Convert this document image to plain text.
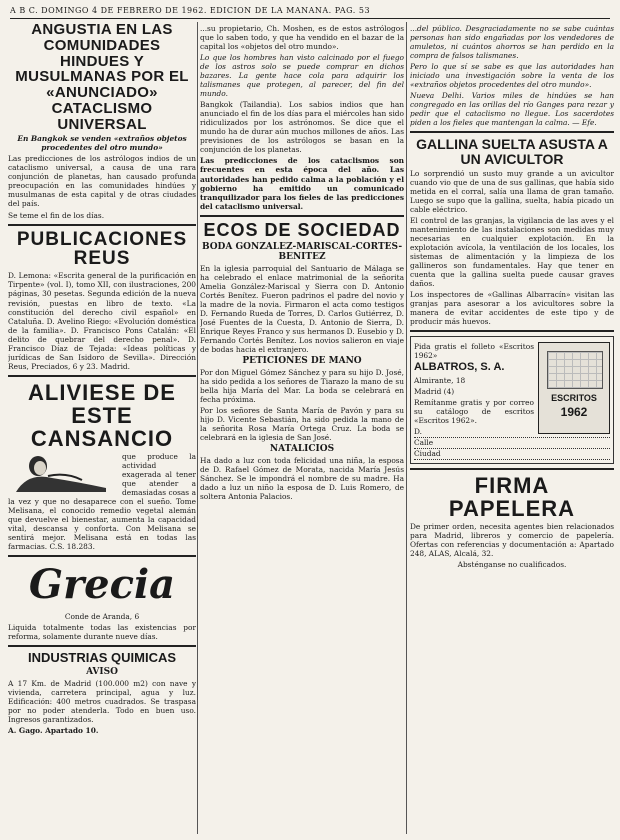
A B C. DOMINGO 4 DE FEBRERO DE 1962. EDICION DE LA MAÑANA. PAG. 53
ANGUSTIA EN LAS COMUNIDADES HINDUES Y MUSULMANAS POR EL «ANUNCIADO» CATACLISMO UNIVERSAL
En Bangkok se venden «extraños objetos procedentes del otro mundo»
Las predicciones de los astrólogos indios de un cataclismo universal, a causa de una rara conjunción de planetas, han causado profunda preocupación en las comunidades hindúes y musulmanas de esta capital y de otras ciudades del país.
Se teme el fin de los días.
PUBLICACIONES REUS
D. Lemona: «Escrita general de la purificación en Tirpente» (vol. I), tomo XII, con ilustraciones, 200 páginas, 30 pesetas. Segunda edición de la nueva revisión, puestas en libro de texto. «La constitución del derecho civil español» en Cataluña. D. Avelino Riego: «Evolución doméstica de la familia». D. Francisco Pons Catalán: «El delito de quebrar del derecho penal». D. Francisco Díaz de Tejada: «Ideas políticas y jurídicas de San Isidoro de Sevilla». Dirección Reus, Preciados, 6 y 23. Madrid.
ALIVIESE DE ESTE CANSANCIO
que produce la actividad exagerada al tener que atender a demasiadas cosas a la vez y que no desaparece con el sueño. Tome Melisana, el conocido remedio vegetal alemán que devuelve el bienestar, aumenta la capacidad vital, descansa y conforta. Con Melisana se sentirá mejor. Melisana está en todas las farmacias. C.S. 18.283.
Grecia
Conde de Aranda, 6
Liquida totalmente todas las existencias por reforma, solamente durante nueve días.
INDUSTRIAS QUIMICAS
AVISO
A 17 Km. de Madrid (100.000 m2) con nave y vivienda, carretera principal, agua y luz. Edificación: 400 metros cuadrados. Se traspasa por no poder atenderla. Todo en buen uso. Ingresos garantizados.
A. Gago. Apartado 10.
...su propietario, Ch. Moshen, es de estos astrólogos que lo saben todo, y que ha vendido en el bazar de la capital los «objetos del otro mundo».
Lo que los hombres han visto calcinado por el fuego de los astros solo se puede comprar en dichos bazares. La gente hace cola para adquirir los talismanes que protegen, al parecer, del fin del mundo.
Bangkok (Tailandia). Los sabios indios que han anunciado el fin de los días para el miércoles han sido ridiculizados por los astrónomos. Se dice que el mundo ha de durar aún muchos millones de años. Las previsiones de los astrólogos se basan en la conjunción de los planetas.
Las predicciones de los cataclismos son frecuentes en esta época del año. Las autoridades han pedido calma a la población y el gobierno ha emitido un comunicado tranquilizador para los fieles de las predicciones del cataclismo universal.
ECOS DE SOCIEDAD
BODA GONZALEZ-MARISCAL-CORTES-BENITEZ
En la iglesia parroquial del Santuario de Málaga se ha celebrado el enlace matrimonial de la señorita Amelia González-Mariscal y Sierra con D. Antonio Cortés Benítez. Fueron padrinos el padre del novio y la madre de la novia. Firmaron el acta como testigos D. Fernando Rueda de Torres, D. Carlos Gutiérrez, D. José Fuentes de la Cuesta, D. Antonio de Sierra, D. Enrique Reyes Franco y sus hermanos D. Eusebio y D. Fernando Cortés Benítez. Los novios salieron en viaje de bodas hacia el extranjero.
PETICIONES DE MANO
Por don Miguel Gómez Sánchez y para su hijo D. José, ha sido pedida a los señores de Tiarazo la mano de su bella hija María del Mar. La boda se celebrará en fecha próxima.
Por los señores de Santa María de Pavón y para su hijo D. Vicente Sebastián, ha sido pedida la mano de la señorita Rosa María Ortega Cruz. La boda se celebrará en la iglesia de San José.
NATALICIOS
Ha dado a luz con toda felicidad una niña, la esposa de D. Rafael Gómez de Morata, nacida María Jesús Sánchez. Se le impondrá el nombre de su madre. Ha dado a luz un niño la esposa de D. Luis Romero, de soltera Antonia Palacios.
...del público. Desgraciadamente no se sabe cuántas personas han sido engañadas por los vendedores de amuletos, ni cuántos ahorros se han perdido en la compra de falsos talismanes.
Pero lo que sí se sabe es que las autoridades han iniciado una investigación sobre la venta de los «extraños objetos procedentes del otro mundo».
Nueva Delhi. Varios miles de hindúes se han congregado en las orillas del río Ganges para rezar y pedir que el cataclismo no llegue. Los sacerdotes piden a los fieles que mantengan la calma. — Efe.
GALLINA SUELTA ASUSTA A UN AVICULTOR
Lo sorprendió un susto muy grande a un avicultor cuando vio que de una de sus gallinas, que había sido metida en el corral, salía una llama de gran tamaño. Luego se supo que la gallina, suelta, había picado un cable eléctrico.
El control de las granjas, la vigilancia de las aves y el mantenimiento de las instalaciones son medidas muy necesarias en cualquier explotación. En la explotación avícola, la ventilación de los locales, los sistemas de alimentación y la limpieza de los gallineros son fundamentales. Hay que tener en cuenta que la gallina suelta puede causar graves daños.
Los inspectores de «Gallinas Albarracín» visitan las granjas para asesorar a los avicultores sobre la manera de evitar accidentes de este tipo y de producir más huevos.
ESCRITOS
1962
Pida gratis el folleto «Escritos 1962»
ALBATROS, S. A.
Almirante, 18
Madrid (4)
Remítanme gratis y por correo su catálogo de escritos «Escritos 1962».
D.
Calle
Ciudad
FIRMA PAPELERA
De primer orden, necesita agentes bien relacionados para Madrid, libreros y comercio de papelería. Ofertas con referencias y documentación a: Apartado 248, ALAS, Alcalá, 32.
Absténganse no cualificados.
